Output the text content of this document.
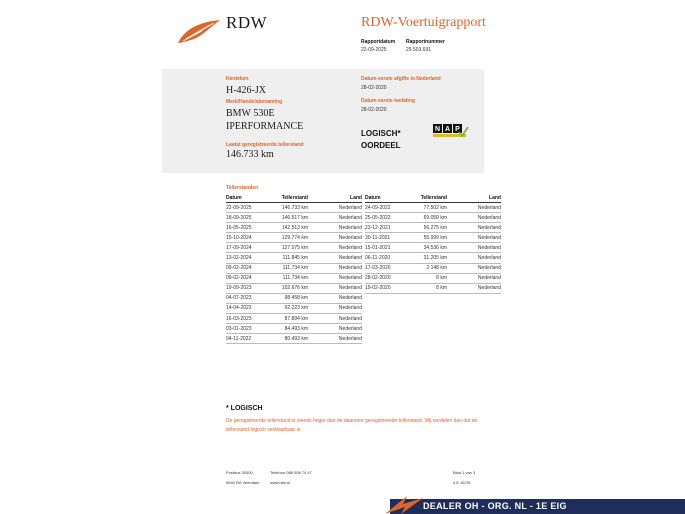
RDW	RDW-Voertuigrapport
Rapportdatum
22-09-2025
Rapportnummer
29.503.691
Kenteken
H-426-JX
Merk/Handelsbenaming
BMW 530E
IPERFORMANCE
Laatst geregistreerde tellerstand
146.733 km
Datum eerste afgifte in Nederland
28-02-2020
Datum eerste toelating
28-02-2020
LOGISCH*
OORDEEL
N A P
Tellerstanden
Datum	Tellerstand		Land
22-09-2025	146.733 km		Nederland
18-09-2025	146.517 km		Nederland
16-05-2025	142.513 km		Nederland
15-10-2024	129.774 km		Nederland
17-09-2024	127.075 km		Nederland
13-02-2024	111.845 km		Nederland
09-02-2024	111.734 km		Nederland
09-02-2024	111.734 km		Nederland
19-09-2023	102.676 km		Nederland
04-07-2023	98.458 km		Nederland
14-04-2023	92.223 km		Nederland
16-03-2023	87.894 km		Nederland
03-01-2023	84.493 km		Nederland
04-11-2022	80.493 km		Nederland
Datum	Tellerstand		Land
24-09-2022	77.502 km		Nederland
25-05-2022	69.050 km		Nederland
23-12-2021	56.275 km		Nederland
30-11-2021	55.999 km		Nederland
15-01-2021	34.536 km		Nederland
06-11-2020	31.205 km		Nederland
17-03-2020	2.148 km		Nederland
28-02-2020	8 km		Nederland
19-02-2020	8 km		Nederland
* LOGISCH
De geregistreerde tellerstand is steeds hoger dan de daarvoor geregistreerde tellerstand. Wij oordelen dan dat de tellerstand logisch verklaarbaar is.
Postbus 30000
9640 RA Veendam
Telefoon 088 008 74 47
www.rdw.nl
Blad 1 van 3
3 E 1670f
DEALER OH - ORG. NL - 1E EIG
